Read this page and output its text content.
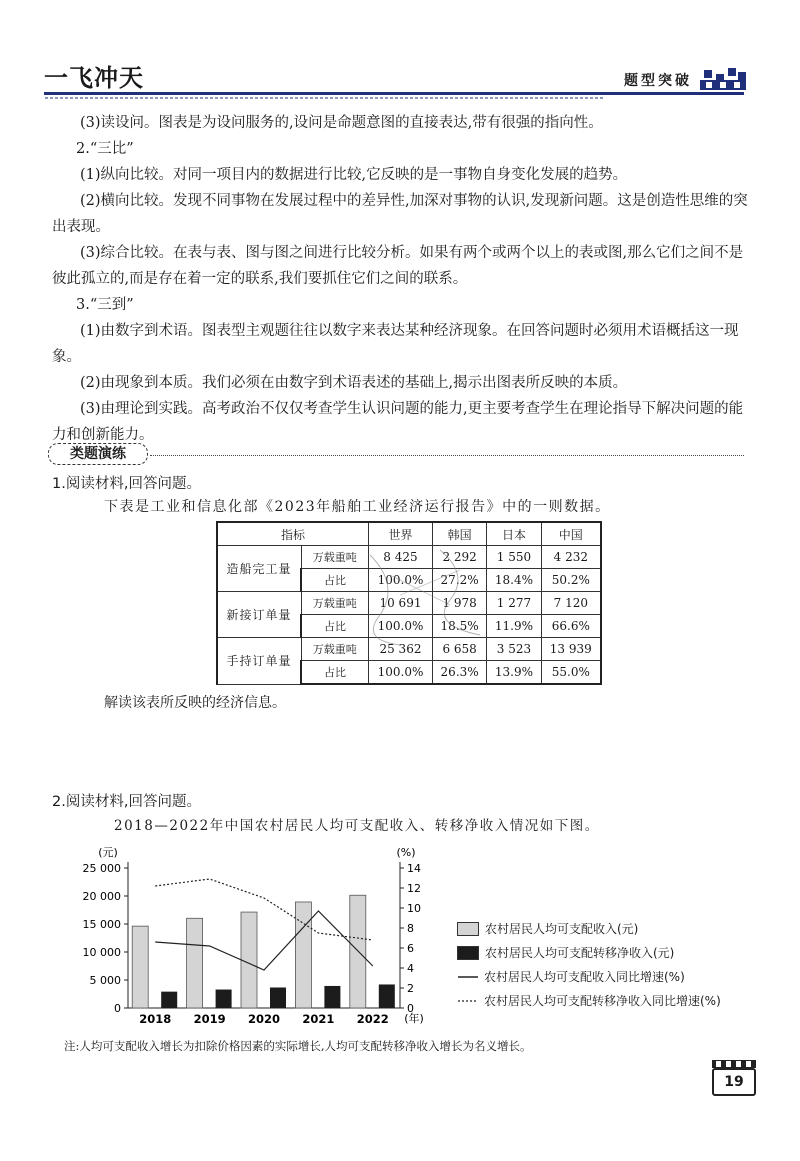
一飞冲天	题型突破
(3)读设问。图表是为设问服务的,设问是命题意图的直接表达,带有很强的指向性。
2.“三比”
(1)纵向比较。对同一项目内的数据进行比较,它反映的是一事物自身变化发展的趋势。
(2)横向比较。发现不同事物在发展过程中的差异性,加深对事物的认识,发现新问题。这是创造性思维的突出表现。
(3)综合比较。在表与表、图与图之间进行比较分析。如果有两个或两个以上的表或图,那么它们之间不是彼此孤立的,而是存在着一定的联系,我们要抓住它们之间的联系。
3.“三到”
(1)由数字到术语。图表型主观题往往以数字来表达某种经济现象。在回答问题时必须用术语概括这一现象。
(2)由现象到本质。我们必须在由数字到术语表述的基础上,揭示出图表所反映的本质。
(3)由理论到实践。高考政治不仅仅考查学生认识问题的能力,更主要考查学生在理论指导下解决问题的能力和创新能力。
类题演练
1.阅读材料,回答问题。
下表是工业和信息化部《2023年船舶工业经济运行报告》中的一则数据。
指标		世界	韩国	日本	中国
造船完工量	万载重吨	8 425	2 292	1 550	4 232
	占比	100.0%	27.2%	18.4%	50.2%
新接订单量	万载重吨	10 691	1 978	1 277	7 120
	占比	100.0%	18.5%	11.9%	66.6%
手持订单量	万载重吨	25 362	6 658	3 523	13 939
	占比	100.0%	26.3%	13.9%	55.0%
解读该表所反映的经济信息。
2.阅读材料,回答问题。
2018—2022年中国农村居民人均可支配收入、转移净收入情况如下图。
25 000
20 000
15 000
10 000
5 000
0
14
12
10
8
6
4
2
0
(元)	(%)
(年)
2018 2019 2020 2021 2022
农村居民人均可支配收入(元)
农村居民人均可支配转移净收入(元)
农村居民人均可支配收入同比增速(%)
农村居民人均可支配转移净收入同比增速(%)
注:人均可支配收入增长为扣除价格因素的实际增长,人均可支配转移净收入增长为名义增长。
19
